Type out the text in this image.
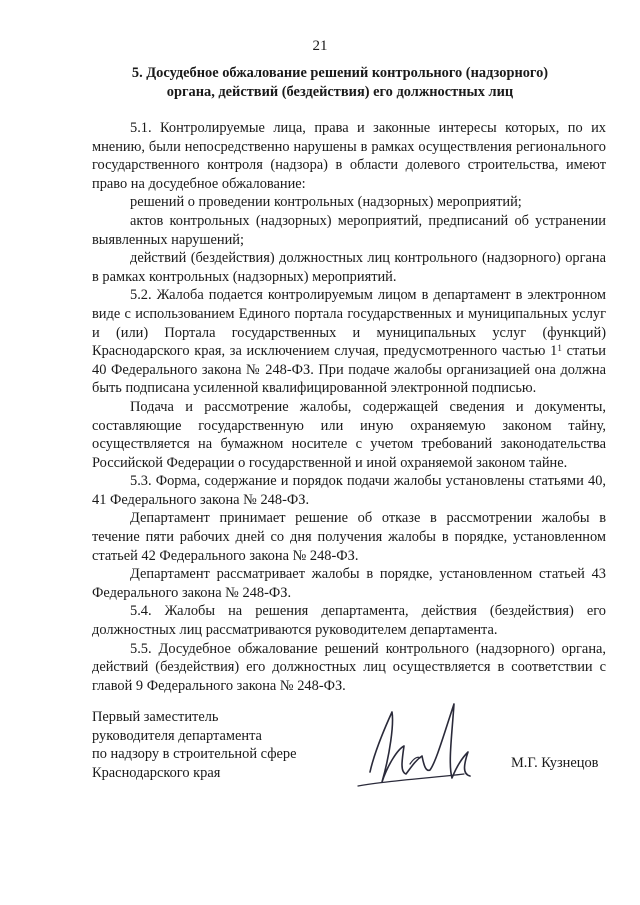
21
5. Досудебное обжалование решений контрольного (надзорного)
органа, действий (бездействия) его должностных лиц

5.1. Контролируемые лица, права и законные интересы которых, по их мнению, были непосредственно нарушены в рамках осуществления регионального государственного контроля (надзора) в области долевого строительства, имеют право на досудебное обжалование:

решений о проведении контрольных (надзорных) мероприятий;

актов контрольных (надзорных) мероприятий, предписаний об устранении выявленных нарушений;

действий (бездействия) должностных лиц контрольного (надзорного) органа в рамках контрольных (надзорных) мероприятий.

5.2. Жалоба подается контролируемым лицом в департамент в электронном виде с использованием Единого портала государственных и муниципальных услуг и (или) Портала государственных и муниципальных услуг (функций) Краснодарского края, за исключением случая, предусмотренного частью $1^1$ статьи 40 Федерального закона № 248-ФЗ. При подаче жалобы организацией она должна быть подписана усиленной квалифицированной электронной подписью.

Подача и рассмотрение жалобы, содержащей сведения и документы, составляющие государственную или иную охраняемую законом тайну, осуществляется на бумажном носителе с учетом требований законодательства Российской Федерации о государственной и иной охраняемой законом тайне.

5.3. Форма, содержание и порядок подачи жалобы установлены статьями 40, 41 Федерального закона № 248-ФЗ.

Департамент принимает решение об отказе в рассмотрении жалобы в течение пяти рабочих дней со дня получения жалобы в порядке, установленном статьей 42 Федерального закона № 248-ФЗ.

Департамент рассматривает жалобы в порядке, установленном статьей 43 Федерального закона № 248-ФЗ.

5.4. Жалобы на решения департамента, действия (бездействия) его должностных лиц рассматриваются руководителем департамента.

5.5. Досудебное обжалование решений контрольного (надзорного) органа, действий (бездействия) его должностных лиц осуществляется в соответствии с главой 9 Федерального закона № 248-ФЗ.

Первый заместитель
руководителя департамента
по надзору в строительной сфере
Краснодарского края
М.Г. Кузнецов
